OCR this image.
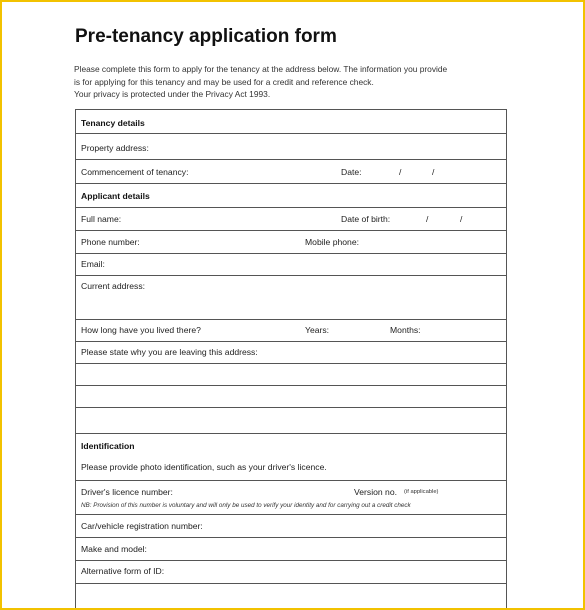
Pre-tenancy application form
Please complete this form to apply for the tenancy at the address below. The information you provide
is for applying for this tenancy and may be used for a credit and reference check.
Your privacy is protected under the Privacy Act 1993.
Tenancy details
Property address:
Commencement of tenancy:	Date:	/	/
Applicant details
Full name:	Date of birth:	/	/
Phone number:	Mobile phone:
Email:
Current address:
How long have you lived there?	Years:	Months:
Please state why you are leaving this address:
Identification
Please provide photo identification, such as your driver's licence.
Driver's licence number:	Version no. (if applicable)
NB: Provision of this number is voluntary and will only be used to verify your identity and for carrying out a credit check
Car/vehicle registration number:
Make and model:
Alternative form of ID:
